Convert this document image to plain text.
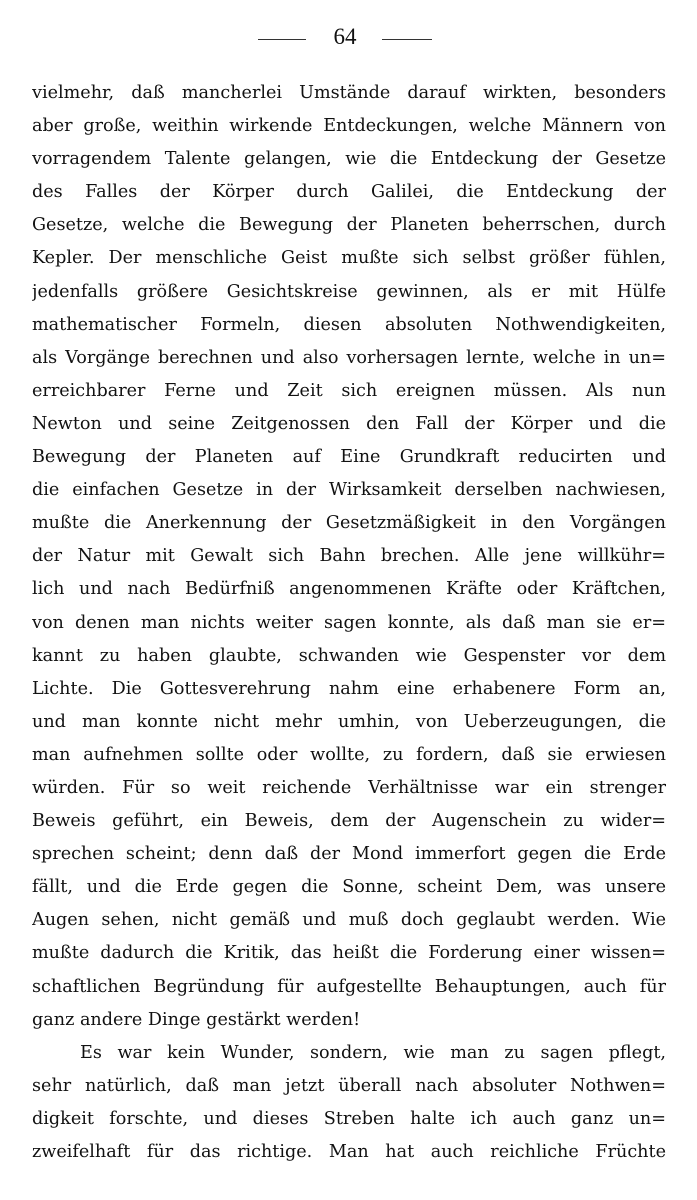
64
vielmehr, daß mancherlei Umstände darauf wirkten, besonders
aber große, weithin wirkende Entdeckungen, welche Männern von
vorragendem Talente gelangen, wie die Entdeckung der Gesetze
des Falles der Körper durch Galilei, die Entdeckung der
Gesetze, welche die Bewegung der Planeten beherrschen, durch
Kepler. Der menschliche Geist mußte sich selbst größer fühlen,
jedenfalls größere Gesichtskreise gewinnen, als er mit Hülfe
mathematischer Formeln, diesen absoluten Nothwendigkeiten,
als Vorgänge berechnen und also vorhersagen lernte, welche in un=
erreichbarer Ferne und Zeit sich ereignen müssen. Als nun
Newton und seine Zeitgenossen den Fall der Körper und die
Bewegung der Planeten auf Eine Grundkraft reducirten und
die einfachen Gesetze in der Wirksamkeit derselben nachwiesen,
mußte die Anerkennung der Gesetzmäßigkeit in den Vorgängen
der Natur mit Gewalt sich Bahn brechen. Alle jene willkühr=
lich und nach Bedürfniß angenommenen Kräfte oder Kräftchen,
von denen man nichts weiter sagen konnte, als daß man sie er=
kannt zu haben glaubte, schwanden wie Gespenster vor dem
Lichte. Die Gottesverehrung nahm eine erhabenere Form an,
und man konnte nicht mehr umhin, von Ueberzeugungen, die
man aufnehmen sollte oder wollte, zu fordern, daß sie erwiesen
würden. Für so weit reichende Verhältnisse war ein strenger
Beweis geführt, ein Beweis, dem der Augenschein zu wider=
sprechen scheint; denn daß der Mond immerfort gegen die Erde
fällt, und die Erde gegen die Sonne, scheint Dem, was unsere
Augen sehen, nicht gemäß und muß doch geglaubt werden. Wie
mußte dadurch die Kritik, das heißt die Forderung einer wissen=
schaftlichen Begründung für aufgestellte Behauptungen, auch für
ganz andere Dinge gestärkt werden!
Es war kein Wunder, sondern, wie man zu sagen pflegt,
sehr natürlich, daß man jetzt überall nach absoluter Nothwen=
digkeit forschte, und dieses Streben halte ich auch ganz un=
zweifelhaft für das richtige. Man hat auch reichliche Früchte
